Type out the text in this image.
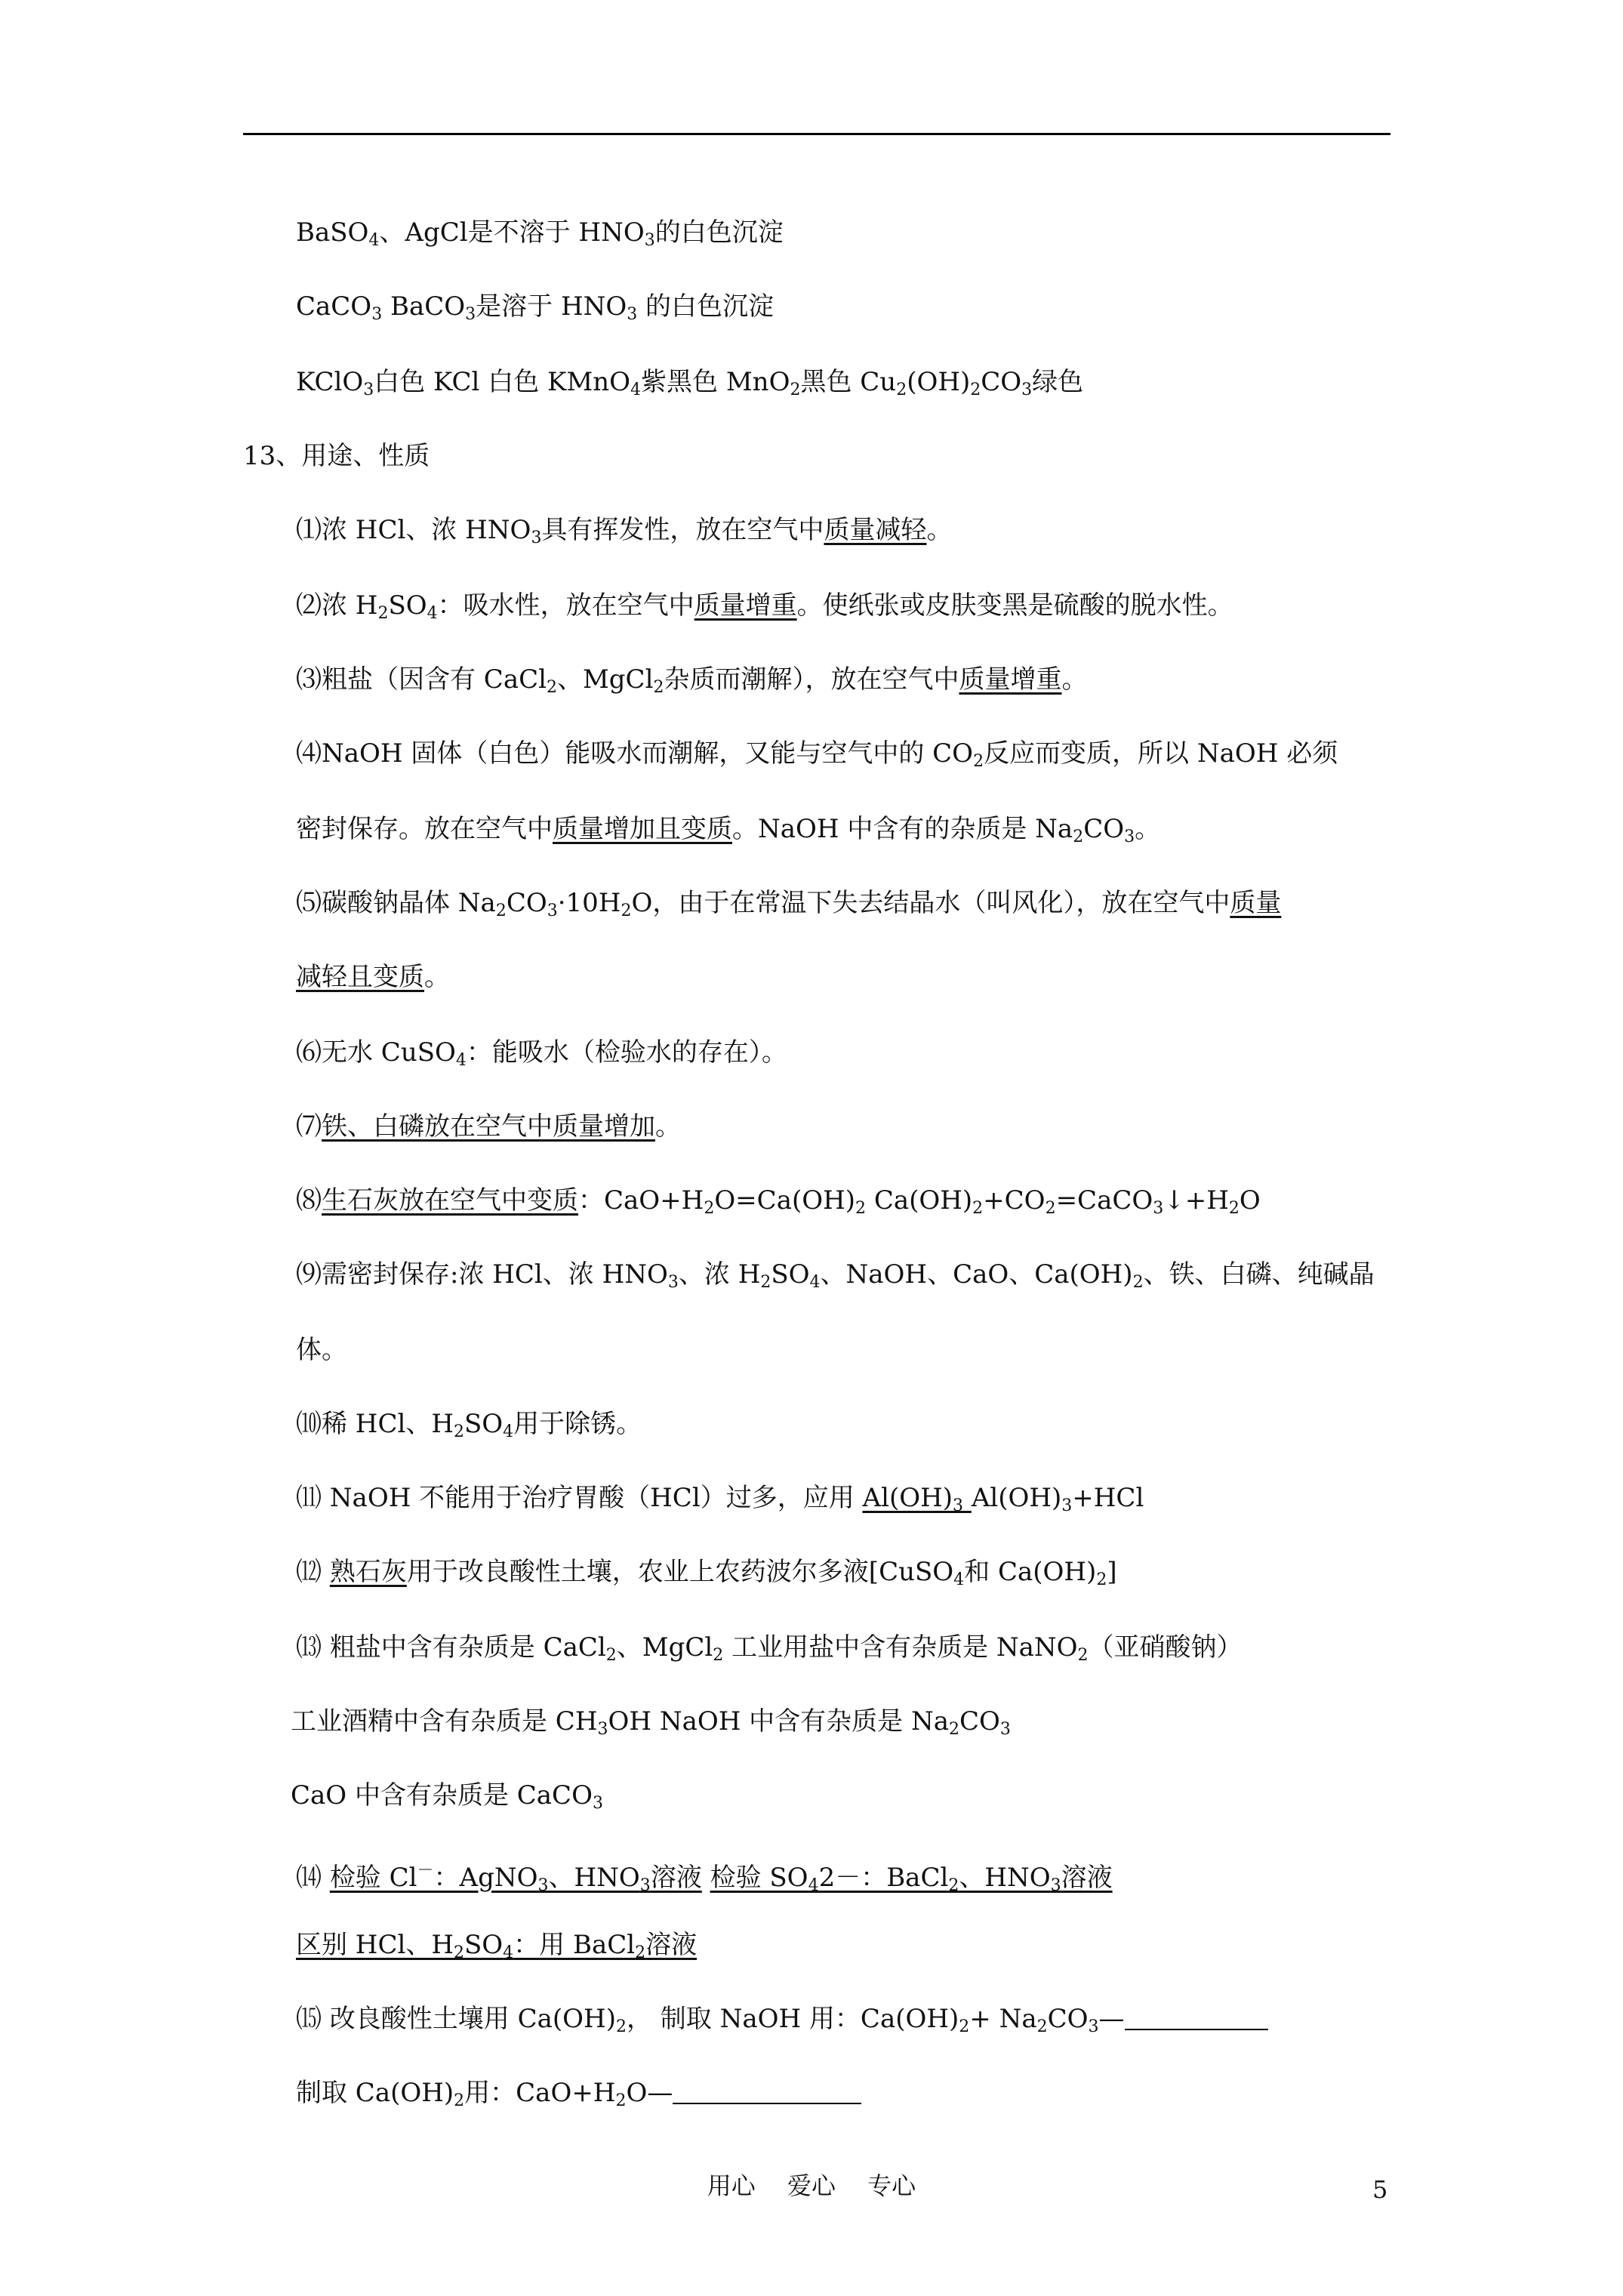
BaSO$_4$、AgCl是不溶于 $HNO_3$的白色沉淀
CaCO$_3$ BaCO$_3$是溶于 $HNO_3$ 的白色沉淀
KClO$_3$白色 KCl 白色 KMnO$_4$紫黑色 MnO$_2$黑色 $Cu_2(OH)_2CO_3$绿色
13、用途、性质
⑴浓 HCl、浓 $HNO_3$具有挥发性，放在空气中质量减轻。
⑵浓 $H_2SO_4$：吸水性，放在空气中质量增重。使纸张或皮肤变黑是硫酸的脱水性。
⑶粗盐（因含有 CaCl$_2$、MgCl$_2$杂质而潮解），放在空气中质量增重。
⑷NaOH 固体（白色）能吸水而潮解，又能与空气中的 $CO_2$反应而变质，所以 NaOH 必须
密封保存。放在空气中质量增加且变质。NaOH 中含有的杂质是 $Na_2CO_3$。
⑸碳酸钠晶体 $Na_2CO_3\cdot 10H_2O$，由于在常温下失去结晶水（叫风化），放在空气中质量
减轻且变质。
⑹无水 CuSO$_4$：能吸水（检验水的存在）。
⑺铁、白磷放在空气中质量增加。
⑻生石灰放在空气中变质：$CaO+H_2O=Ca(OH)_2$ $Ca(OH)_2+CO_2=CaCO_3↓+H_2O$
⑼需密封保存:浓 HCl、浓 $HNO_3$、浓 $H_2SO_4$、NaOH、CaO、$Ca(OH)_2$、铁、白磷、纯碱晶
体。
⑽稀 HCl、$H_2SO_4$用于除锈。
⑾ NaOH 不能用于治疗胃酸（HCl）过多，应用 $Al(OH)_3$ $Al(OH)_3+HCl$
⑿ 熟石灰用于改良酸性土壤，农业上农药波尔多液[CuSO$_4$和 $Ca(OH)_2$]
⒀ 粗盐中含有杂质是 CaCl$_2$、MgCl$_2$ 工业用盐中含有杂质是 NaNO$_2$（亚硝酸钠）
工业酒精中含有杂质是 $CH_3OH$ NaOH 中含有杂质是 $Na_2CO_3$
CaO 中含有杂质是 CaCO$_3$
⒁ 检验 Cl－：AgNO$_3$、$HNO_3$溶液 检验 $SO_42-$：BaCl$_2$、$HNO_3$溶液
区别 HCl、$H_2SO_4$：用 BaCl$_2$溶液
⒂ 改良酸性土壤用 $Ca(OH)_2$， 制取 NaOH 用：$Ca(OH)_2+$ $Na_2CO_3—$
制取 $Ca(OH)_2$用：$CaO+H_2O—$
用心 爱心 专心	5
